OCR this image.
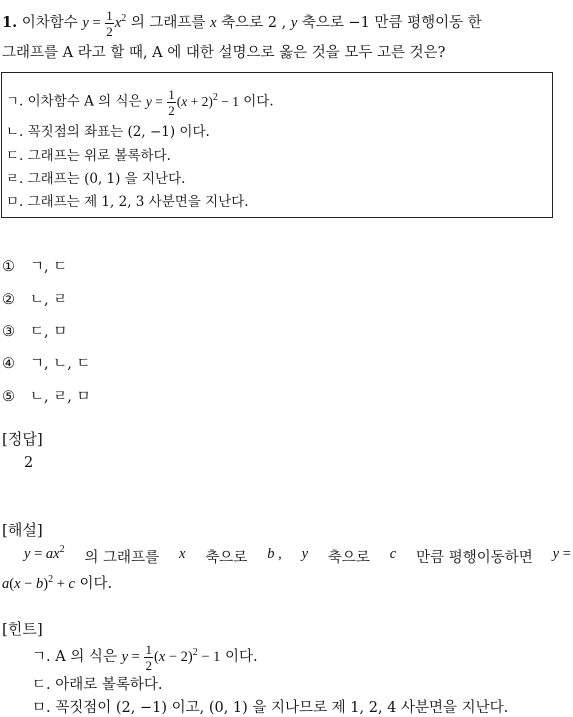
1. 이차함수 $y = \frac{1}{2} x^2$ 의 그래프를 x 축으로 2 , y 축으로 −1 만큼 평행이동 한
그래프를 A 라고 할 때, A 에 대한 설명으로 옳은 것을 모두 고른 것은?
ㄱ. 이차함수 A 의 식은 $y = \frac{1}{2} (x + 2)^2 - 1$ 이다.
ㄴ. 꼭짓점의 좌표는 (2, −1) 이다.
ㄷ. 그래프는 위로 볼록하다.
ㄹ. 그래프는 (0, 1) 을 지난다.
ㅁ. 그래프는 제 1, 2, 3 사분면을 지난다.
① ㄱ, ㄷ
② ㄴ, ㄹ
③ ㄷ, ㅁ
④ ㄱ, ㄴ, ㄷ
⑤ ㄴ, ㄹ, ㅁ
[정답]
2
[해설]
$y = ax^2$
의 그래프를 x 축으로 b , y 축으로 c 만큼 평행이동하면 y =
$a(x - b)^2 + c$ 이다.
[힌트]
ㄱ. A 의 식은 $y = \frac{1}{2} (x - 2)^2 - 1$ 이다.
ㄷ. 아래로 볼록하다.
ㅁ. 꼭짓점이 (2, −1) 이고, (0, 1) 을 지나므로 제 1, 2, 4 사분면을 지난다.
